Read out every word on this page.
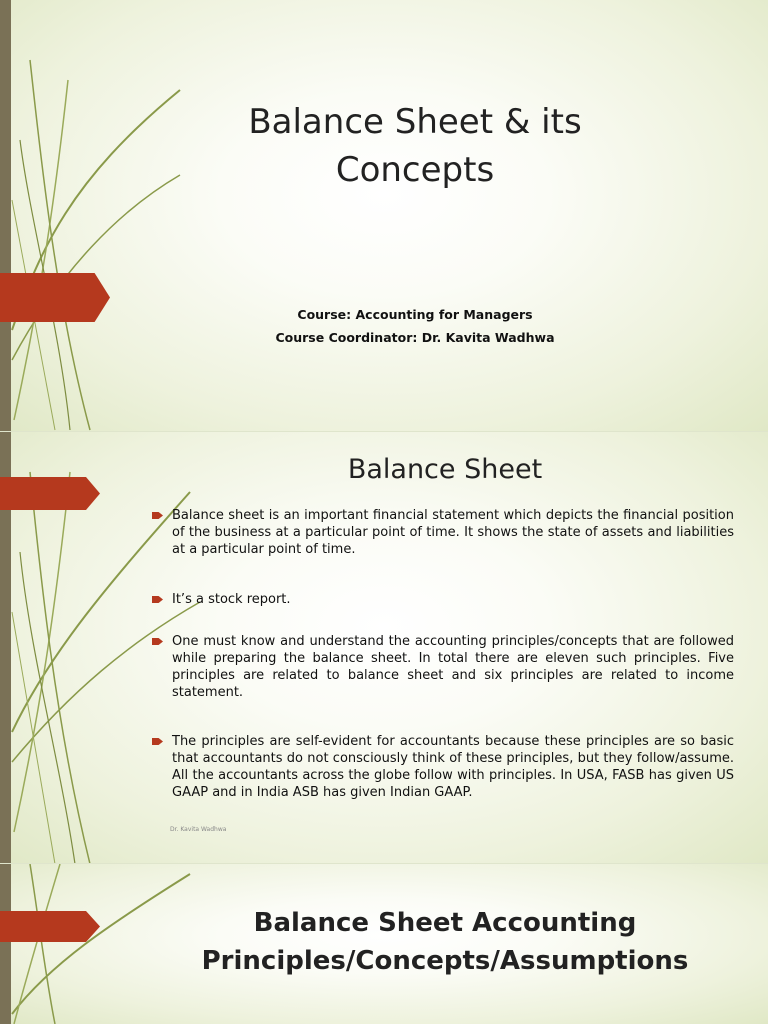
Balance Sheet & its Concepts
Course: Accounting for Managers
Course Coordinator: Dr. Kavita Wadhwa
Balance Sheet
Balance sheet is an important financial statement which depicts the financial position of the business at a particular point of time. It shows the state of assets and liabilities at a particular point of time.
It’s a stock report.
One must know and understand the accounting principles/concepts that are followed while preparing the balance sheet. In total there are eleven such principles. Five principles are related to balance sheet and six principles are related to income statement.
The principles are self-evident for accountants because these principles are so basic that accountants do not consciously think of these principles, but they follow/assume. All the accountants across the globe follow with principles. In USA, FASB has given US GAAP and in India ASB has given Indian GAAP.
Dr. Kavita Wadhwa
Balance Sheet Accounting Principles/Concepts/Assumptions
